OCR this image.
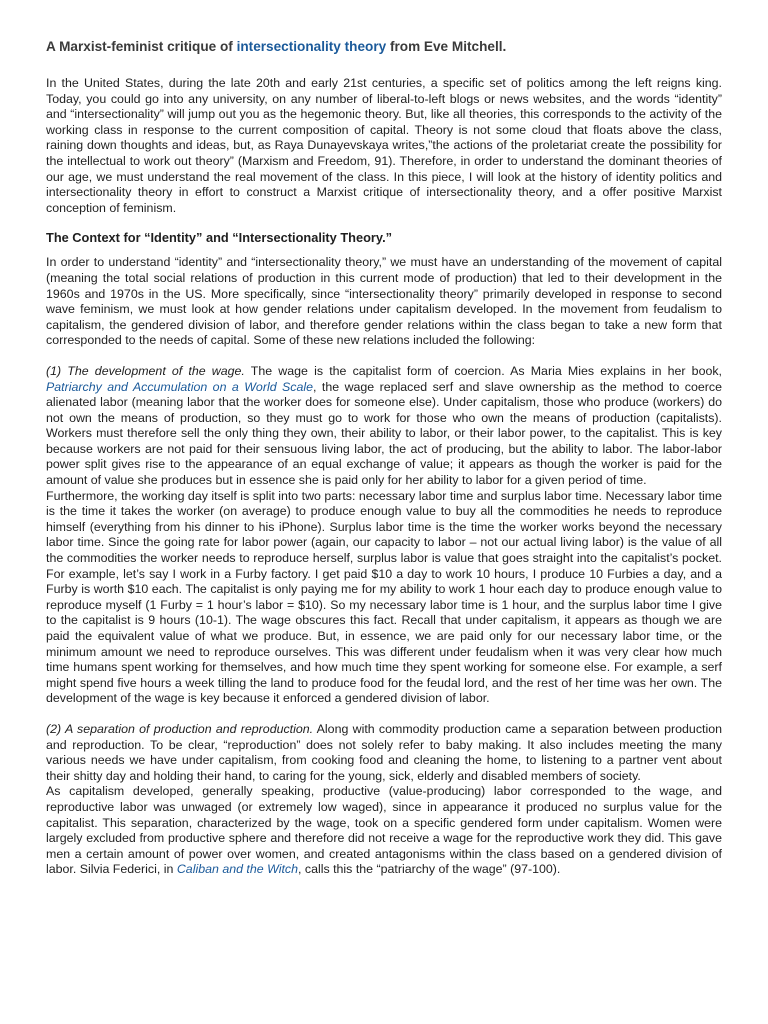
A Marxist-feminist critique of intersectionality theory from Eve Mitchell.

In the United States, during the late 20th and early 21st centuries, a specific set of politics among the left reigns king. Today, you could go into any university, on any number of liberal-to-left blogs or news websites, and the words “identity” and “intersectionality” will jump out you as the hegemonic theory. But, like all theories, this corresponds to the activity of the working class in response to the current composition of capital. Theory is not some cloud that floats above the class, raining down thoughts and ideas, but, as Raya Dunayevskaya writes,”the actions of the proletariat create the possibility for the intellectual to work out theory” (Marxism and Freedom, 91). Therefore, in order to understand the dominant theories of our age, we must understand the real movement of the class. In this piece, I will look at the history of identity politics and intersectionality theory in effort to construct a Marxist critique of intersectionality theory, and a offer positive Marxist conception of feminism.

The Context for “Identity” and “Intersectionality Theory.”

In order to understand “identity” and “intersectionality theory,” we must have an understanding of the movement of capital (meaning the total social relations of production in this current mode of production) that led to their development in the 1960s and 1970s in the US. More specifically, since “intersectionality theory” primarily developed in response to second wave feminism, we must look at how gender relations under capitalism developed. In the movement from feudalism to capitalism, the gendered division of labor, and therefore gender relations within the class began to take a new form that corresponded to the needs of capital. Some of these new relations included the following:

(1) The development of the wage. The wage is the capitalist form of coercion. As Maria Mies explains in her book, Patriarchy and Accumulation on a World Scale, the wage replaced serf and slave ownership as the method to coerce alienated labor (meaning labor that the worker does for someone else). Under capitalism, those who produce (workers) do not own the means of production, so they must go to work for those who own the means of production (capitalists). Workers must therefore sell the only thing they own, their ability to labor, or their labor power, to the capitalist. This is key because workers are not paid for their sensuous living labor, the act of producing, but the ability to labor. The labor-labor power split gives rise to the appearance of an equal exchange of value; it appears as though the worker is paid for the amount of value she produces but in essence she is paid only for her ability to labor for a given period of time.

Furthermore, the working day itself is split into two parts: necessary labor time and surplus labor time. Necessary labor time is the time it takes the worker (on average) to produce enough value to buy all the commodities he needs to reproduce himself (everything from his dinner to his iPhone). Surplus labor time is the time the worker works beyond the necessary labor time. Since the going rate for labor power (again, our capacity to labor – not our actual living labor) is the value of all the commodities the worker needs to reproduce herself, surplus labor is value that goes straight into the capitalist’s pocket. For example, let’s say I work in a Furby factory. I get paid $10 a day to work 10 hours, I produce 10 Furbies a day, and a Furby is worth $10 each. The capitalist is only paying me for my ability to work 1 hour each day to produce enough value to reproduce myself (1 Furby = 1 hour’s labor = $10). So my necessary labor time is 1 hour, and the surplus labor time I give to the capitalist is 9 hours (10-1). The wage obscures this fact. Recall that under capitalism, it appears as though we are paid the equivalent value of what we produce. But, in essence, we are paid only for our necessary labor time, or the minimum amount we need to reproduce ourselves. This was different under feudalism when it was very clear how much time humans spent working for themselves, and how much time they spent working for someone else. For example, a serf might spend five hours a week tilling the land to produce food for the feudal lord, and the rest of her time was her own. The development of the wage is key because it enforced a gendered division of labor.

(2) A separation of production and reproduction. Along with commodity production came a separation between production and reproduction. To be clear, “reproduction” does not solely refer to baby making. It also includes meeting the many various needs we have under capitalism, from cooking food and cleaning the home, to listening to a partner vent about their shitty day and holding their hand, to caring for the young, sick, elderly and disabled members of society.

As capitalism developed, generally speaking, productive (value-producing) labor corresponded to the wage, and reproductive labor was unwaged (or extremely low waged), since in appearance it produced no surplus value for the capitalist. This separation, characterized by the wage, took on a specific gendered form under capitalism. Women were largely excluded from productive sphere and therefore did not receive a wage for the reproductive work they did. This gave men a certain amount of power over women, and created antagonisms within the class based on a gendered division of labor. Silvia Federici, in Caliban and the Witch, calls this the “patriarchy of the wage” (97-100).
